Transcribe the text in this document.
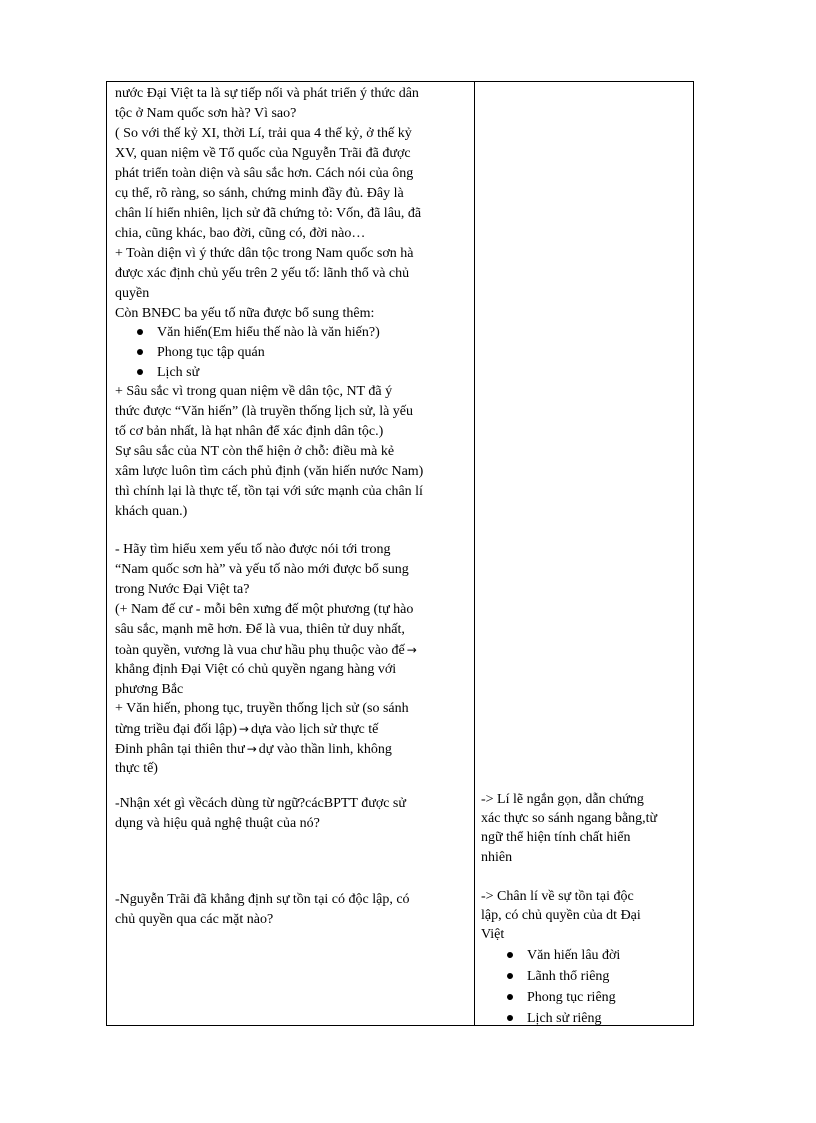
nước Đại Việt ta là sự tiếp nối và phát triển ý thức dân
tộc ở Nam quốc sơn hà? Vì sao?
( So với thế kỷ XI, thời Lí, trải qua 4 thế kỷ, ở thế kỷ
XV, quan niệm về Tổ quốc của Nguyễn Trãi đã được
phát triển toàn diện và sâu sắc hơn. Cách nói của ông
cụ thể, rõ ràng, so sánh, chứng minh đầy đủ. Đây là
chân lí hiển nhiên, lịch sử đã chứng tỏ: Vốn, đã lâu, đã
chia, cũng khác, bao đời, cũng có, đời nào…
+ Toàn diện vì ý thức dân tộc trong Nam quốc sơn hà
được xác định chủ yếu trên 2 yếu tố: lãnh thổ và chủ
quyền
Còn BNĐC ba yếu tố nữa được bổ sung thêm:
Văn hiến(Em hiểu thế nào là văn hiến?)
Phong tục tập quán
Lịch sử
+ Sâu sắc vì trong quan niệm về dân tộc, NT đã ý
thức được “Văn hiến” (là truyền thống lịch sử, là yếu
tố cơ bản nhất, là hạt nhân để xác định dân tộc.)
Sự sâu sắc của NT còn thể hiện ở chỗ: điều mà kẻ
xâm lược luôn tìm cách phủ định (văn hiến nước Nam)
thì chính lại là thực tế, tồn tại với sức mạnh của chân lí
khách quan.)
- Hãy tìm hiểu xem yếu tố nào được nói tới trong
“Nam quốc sơn hà” và yếu tố nào mới được bổ sung
trong Nước Đại Việt ta?
(+ Nam đế cư - mỗi bên xưng đế một phương (tự hào
sâu sắc, mạnh mẽ hơn. Để là vua, thiên tử duy nhất,
toàn quyền, vương là vua chư hầu phụ thuộc vào đế →
khẳng định Đại Việt có chủ quyền ngang hàng với
phương Bắc
+ Văn hiến, phong tục, truyền thống lịch sử (so sánh
từng triều đại đối lập) → dựa vào lịch sử thực tế
Đinh phân tại thiên thư → dự vào thần linh, không
thực tế)
-Nhận xét gì vềcách dùng từ ngữ?cácBPTT được sử
dụng và hiệu quả nghệ thuật của nó?
-Nguyễn Trãi đã khẳng định sự tồn tại có độc lập, có
chủ quyền qua các mặt nào?
-> Lí lẽ ngắn gọn, dẫn chứng
xác thực so sánh ngang bằng,từ
ngữ thể hiện tính chất hiển
nhiên
-> Chân lí về sự tồn tại độc
lập, có chủ quyền của dt Đại
Việt
Văn hiến lâu đời
Lãnh thổ riêng
Phong tục riêng
Lịch sử riêng
